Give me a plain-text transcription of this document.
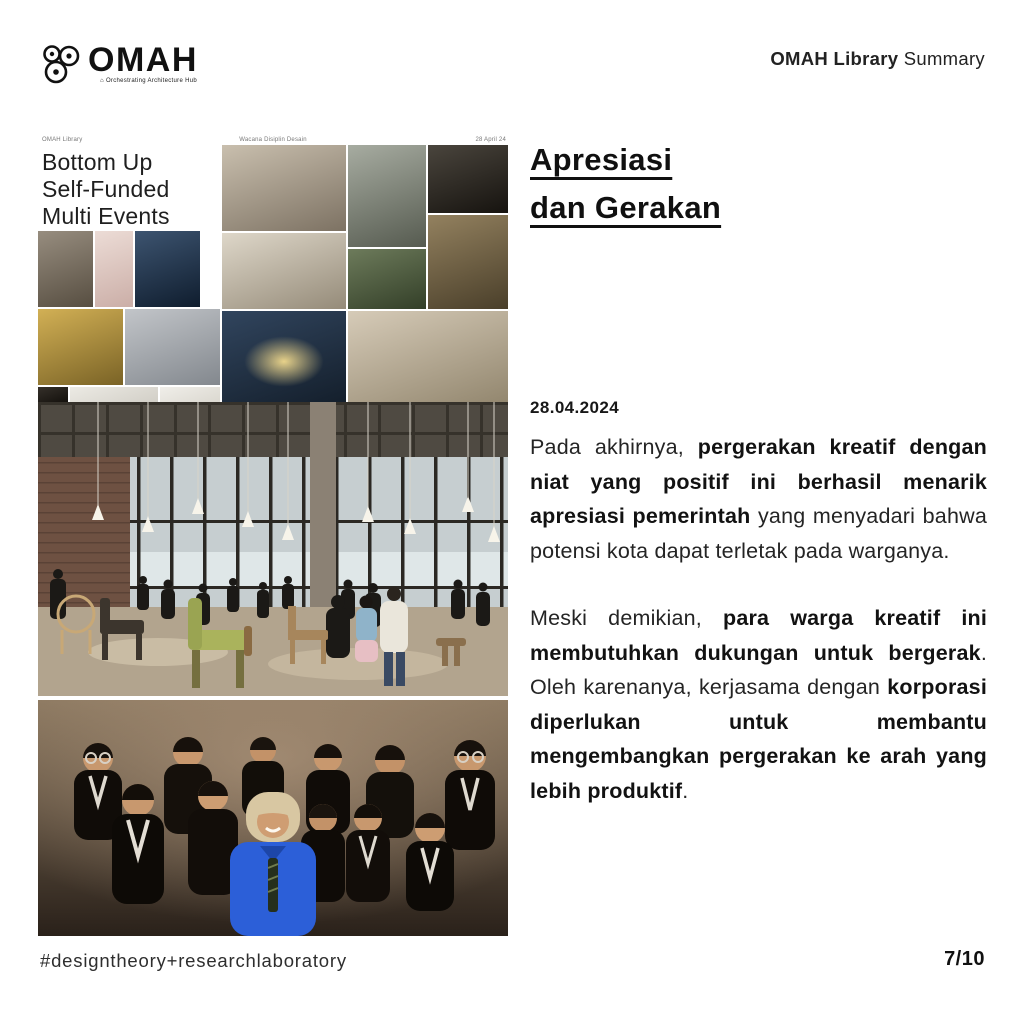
OMAH
⌂ Orchestrating Architecture Hub
OMAH Library Summary
OMAH Library	Wacana Disiplin Desain	28 April 24
Bottom Up
Self-Funded
Multi Events
Apresiasi
dan Gerakan
28.04.2024

Pada akhirnya, pergerakan kreatif dengan niat yang positif ini berhasil menarik apresiasi pemerintah yang menyadari bahwa potensi kota dapat terletak pada warganya.

Meski demikian, para warga kreatif ini membutuhkan dukungan untuk bergerak. Oleh karenanya, kerjasama dengan korporasi diperlukan untuk membantu mengembangkan pergerakan ke arah yang lebih produktif.

#designtheory+researchlaboratory	7/10
